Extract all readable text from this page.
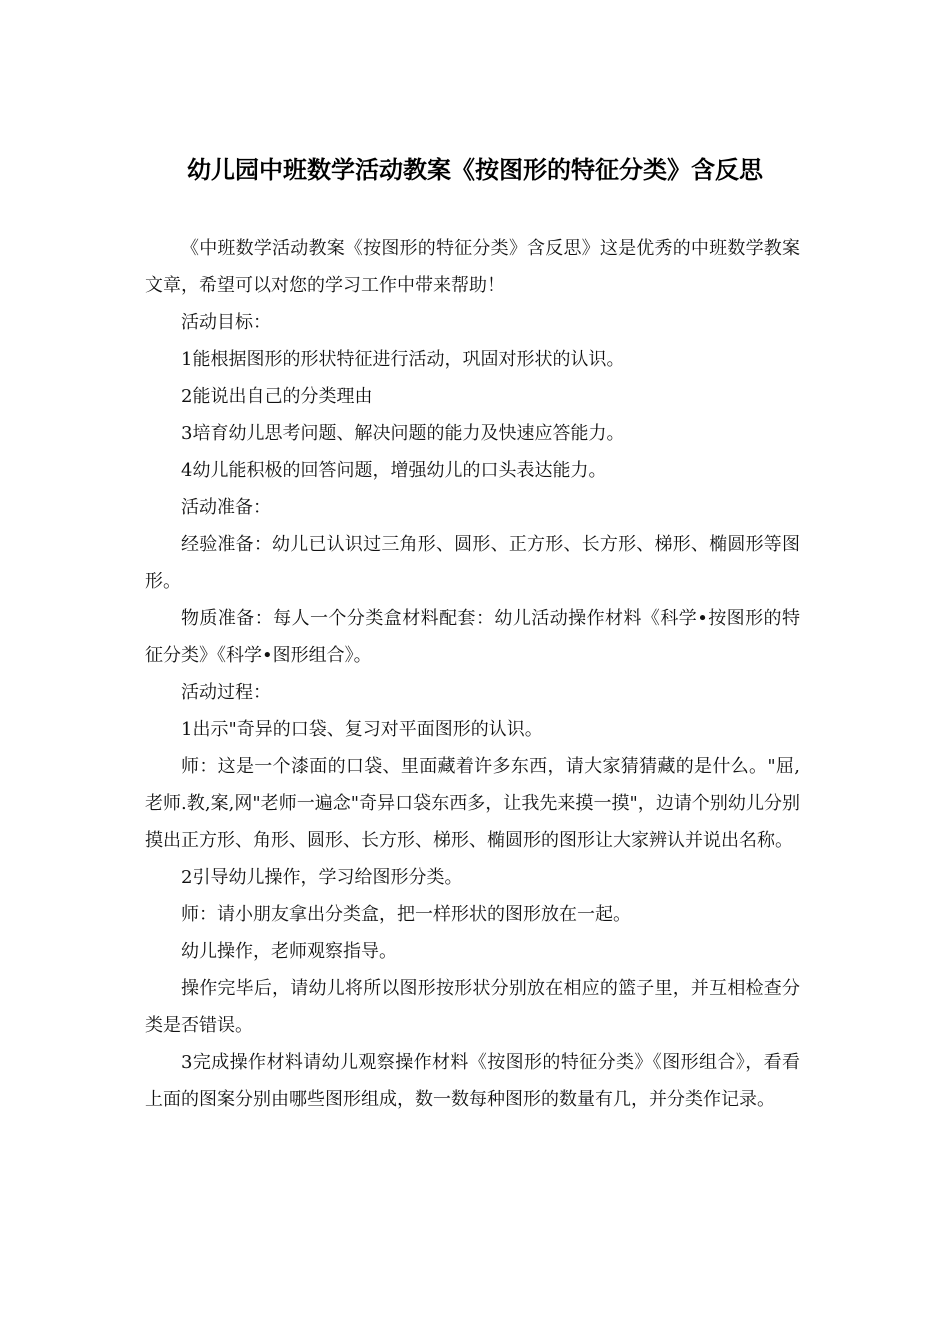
幼儿园中班数学活动教案《按图形的特征分类》含反思

《中班数学活动教案《按图形的特征分类》含反思》这是优秀的中班数学教案文章，希望可以对您的学习工作中带来帮助！

活动目标：

1能根据图形的形状特征进行活动，巩固对形状的认识。

2能说出自己的分类理由

3培育幼儿思考问题、解决问题的能力及快速应答能力。

4幼儿能积极的回答问题，增强幼儿的口头表达能力。

活动准备：

经验准备：幼儿已认识过三角形、圆形、正方形、长方形、梯形、椭圆形等图形。

物质准备：每人一个分类盒材料配套：幼儿活动操作材料《科学•按图形的特征分类》《科学•图形组合》。

活动过程：

1出示"奇异的口袋、复习对平面图形的认识。

师：这是一个漆面的口袋、里面藏着许多东西，请大家猜猜藏的是什么。"屈,老师.教,案,网"老师一遍念"奇异口袋东西多，让我先来摸一摸"，边请个别幼儿分别摸出正方形、角形、圆形、长方形、梯形、椭圆形的图形让大家辨认并说出名称。

2引导幼儿操作，学习给图形分类。

师：请小朋友拿出分类盒，把一样形状的图形放在一起。

幼儿操作，老师观察指导。

操作完毕后，请幼儿将所以图形按形状分别放在相应的篮子里，并互相检查分类是否错误。

3完成操作材料请幼儿观察操作材料《按图形的特征分类》《图形组合》，看看上面的图案分别由哪些图形组成，数一数每种图形的数量有几，并分类作记录。
